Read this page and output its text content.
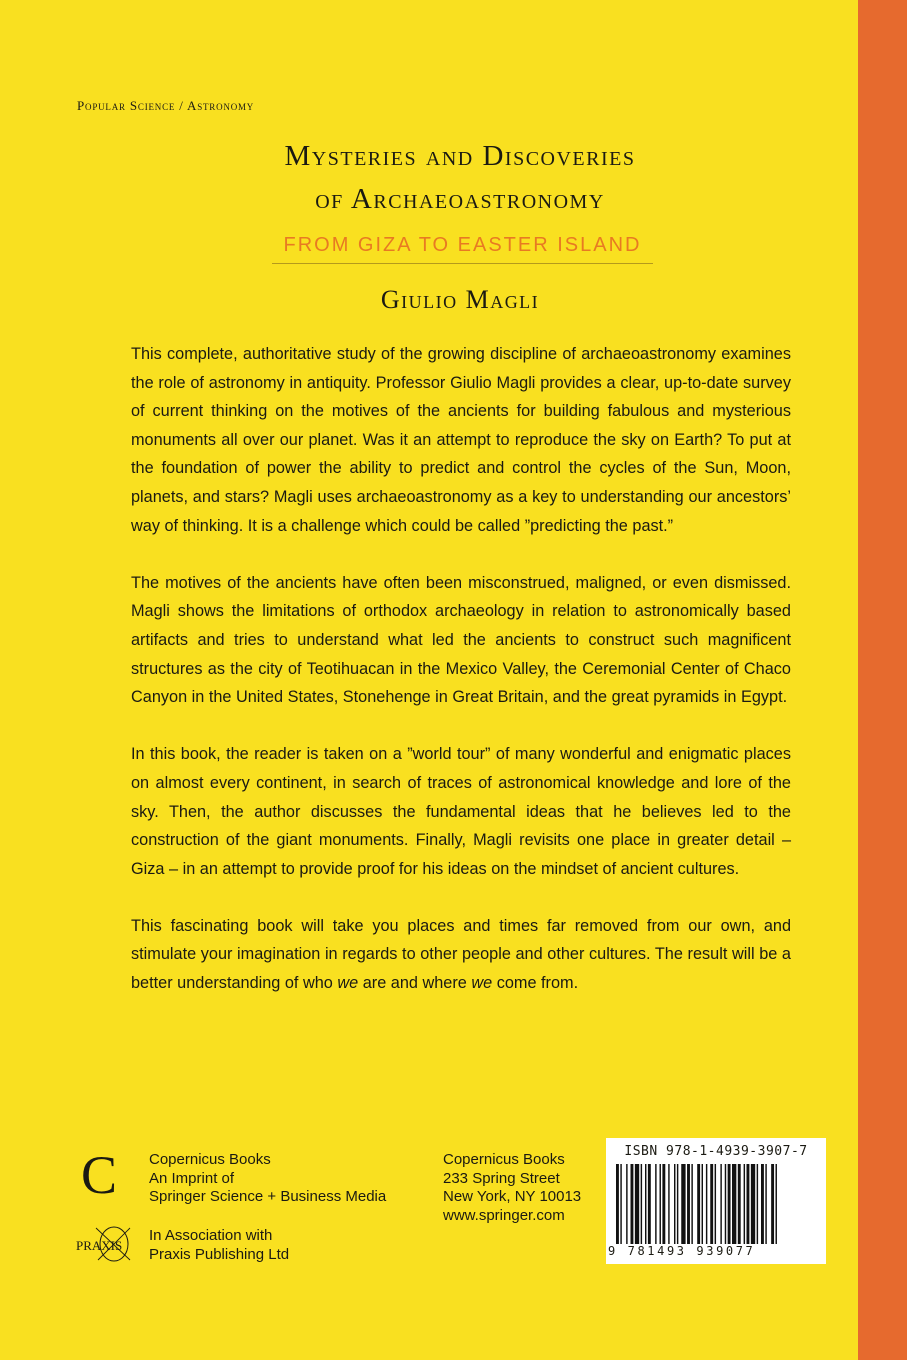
Popular Science / Astronomy
Mysteries and Discoveries
of Archaeoastronomy
FROM GIZA TO EASTER ISLAND
Giulio Magli

This complete, authoritative study of the growing discipline of archaeoastronomy examines the role of astronomy in antiquity. Professor Giulio Magli provides a clear, up-to-date survey of current thinking on the motives of the ancients for building fabulous and mysterious monuments all over our planet. Was it an attempt to reproduce the sky on Earth? To put at the foundation of power the ability to predict and control the cycles of the Sun, Moon, planets, and stars? Magli uses archaeoastronomy as a key to understanding our ancestors’ way of thinking. It is a challenge which could be called ”predicting the past.”

The motives of the ancients have often been misconstrued, maligned, or even dismissed. Magli shows the limitations of orthodox archaeology in relation to astronomically based artifacts and tries to understand what led the ancients to construct such magnificent structures as the city of Teotihuacan in the Mexico Valley, the Ceremonial Center of Chaco Canyon in the United States, Stonehenge in Great Britain, and the great pyramids in Egypt.

In this book, the reader is taken on a ”world tour” of many wonderful and enigmatic places on almost every continent, in search of traces of astronomical knowledge and lore of the sky. Then, the author discusses the fundamental ideas that he believes led to the construction of the giant monuments. Finally, Magli revisits one place in greater detail – Giza – in an attempt to provide proof for his ideas on the mindset of ancient cultures.

This fascinating book will take you places and times far removed from our own, and stimulate your imagination in regards to other people and other cultures. The result will be a better understanding of who we are and where we come from.

C
PRAXIS
Copernicus Books
An Imprint of
Springer Science + Business Media
In Association with
Praxis Publishing Ltd
Copernicus Books
233 Spring Street
New York, NY 10013
www.springer.com
ISBN 978-1-4939-3907-7
9 781493 939077
